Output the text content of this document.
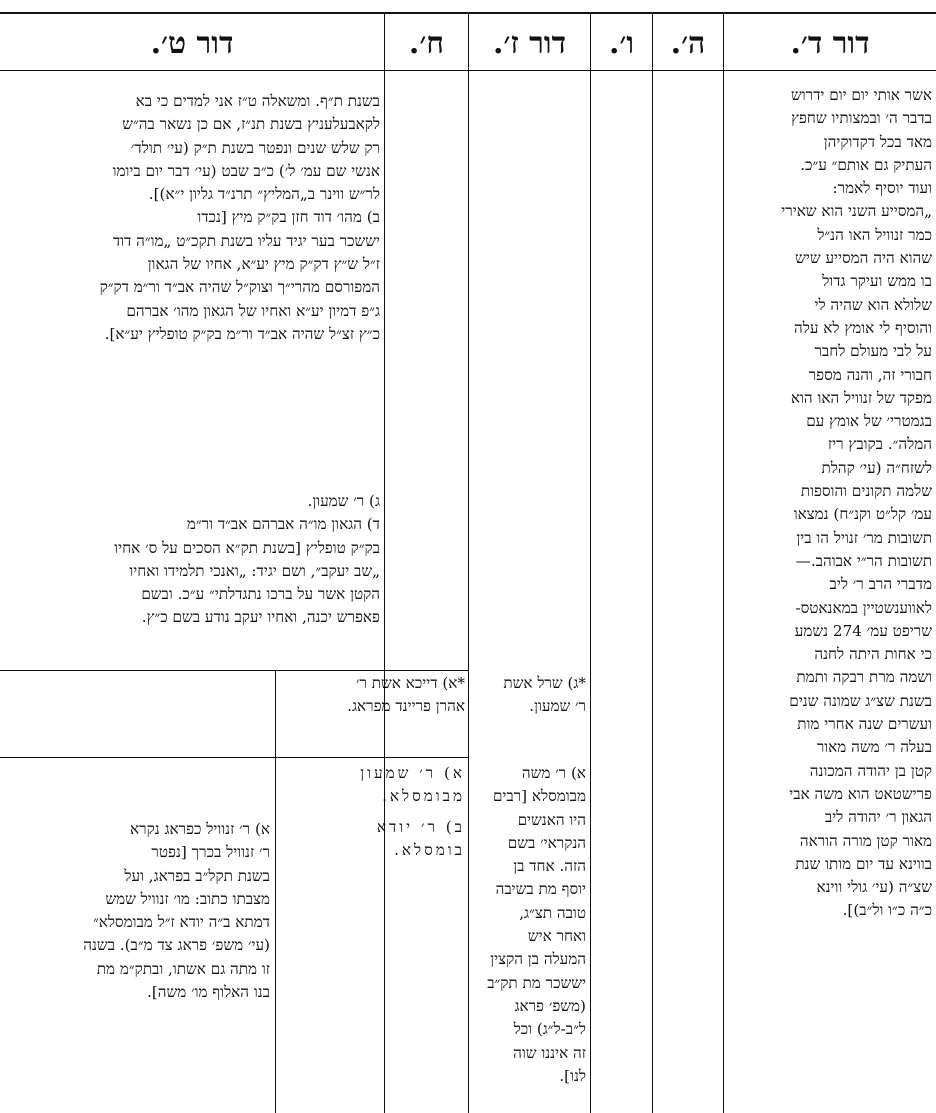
דור ד׳.
ה׳.
ו׳.
דור ז׳.
ח׳.
דור ט׳.
אשר אותי יום יום ידרוש
בדבר ה׳ ובמצותיו שחפץ
מאד בכל דקדוקיהן
העתיק גם אותם״ ע״כ.
ועוד יוסיף לאמר:
„המסייע השני הוא שאירי
כמר זנוויל האו הנ״ל
שהוא היה המסייע שיש
בו ממש ועיקר גדול
שלולא הוא שהיה לי
והוסיף לי אומץ לא עלה
על לבי מעולם לחבר
חבורי זה, והנה מספר
מפקד של זנוויל האו הוא
בגמטרי׳ של אומץ עם
המלה״. בקובץ ריז
לשזח״ה (עי׳ קהלת
שלמה תקונים והוספות
עמ׳ קל״ט וקנ״ח) נמצאו
תשובות מר׳ זנויל הו בין
תשובות הר״י אבוהב.—
מדברי הרב ר׳ ליב
לאווענשטיין במאנאטס-
שריפט עמ׳ 274 נשמע
כי אחות היתה לחנה
ושמה מרת רבקה ותמת
בשנת שצ״ג שמונה שנים
ועשרים שנה אחרי מות
בעלה ר׳ משה מאור
קטן בן יהודה המכונה
פרישטאט הוא משה אבי
הגאון ר׳ יהודה ליב
מאור קטן מורה הוראה
בווינא עד יום מותו שנת
שצ״ה (עי׳ גולי ווינא
כ״ה כ״ו ול״ב)].
*ג) שרל אשת
ר׳ שמעון.
א) ר׳ משה
מבומסלא [רבים
היו האנשים
הנקראי׳ בשם
הזה. אחד בן
יוסף מת בשיבה
טובה תצ״ג,
ואחר איש
המעלה בן הקצין
יששכר מת תק״ב
(משפ׳ פראג
ל״ב-ל״ג) וכל
זה איננו שוה
לנו].
*א) דייכא אשת ר׳
אהרן פריינד מפראג.
א) ר׳ שמעון
מבומסלא.
ב) ר׳ יודא
בומסלא.
בשנת ת״ף. ומשאלה ט״ז אני למדים כי בא
לקאבעלעניץ בשנת תנ״ז, אם כן נשאר בה״ש
רק שלש שנים ונפטר בשנת ת״ק (עי׳ תולד׳
אנשי שם עמ׳ ל׳) כ״ב שבט (עי׳ דבר יום ביומו
לר״ש ווינר ב„המליץ״ תרנ״ד גליון י״א)].
ב) מהו׳ דוד חזן בק״ק מיץ [נכדו
יששכר בער יגיד עליו בשנת תקכ״ט „מו״ה דוד
ז״ל ש״ץ דק״ק מיץ יע״א, אחיו של הגאון
המפורסם מהרי״ך וצוק״ל שהיה אב״ד ור״מ דק״ק
ג״פ דמיון יע״א ואחיו של הגאון מהו׳ אברהם
כ״ץ זצ״ל שהיה אב״ד ור״מ בק״ק טופליץ יע״א].
ג) ר׳ שמעון.
ד) הגאון מו״ה אברהם אב״ד ור״מ
בק״ק טופליץ [בשנת תק״א הסכים על ס׳ אחיו
„שב יעקב״, ושם יגיד: „ואנכי תלמידו ואחיו
הקטן אשר על ברכו נתגדלתי״ ע״כ. ובשם
פאפרש יכנה, ואחיו יעקב נודע בשם כ״ץ.
א) ר׳ זנוויל כפראג נקרא
ר׳ זנוויל בכרך [נפטר
בשנת תקל״ב בפראג, ועל
מצבתו כתוב: מו׳ זנוויל שמש
דמתא ב״ה יודא ז״ל מבומסלא״
(עי׳ משפ׳ פראג צד מ״ב). בשנה
זו מתה גם אשתו, ובתק״מ מת
בנו האלוף מו׳ משה].
